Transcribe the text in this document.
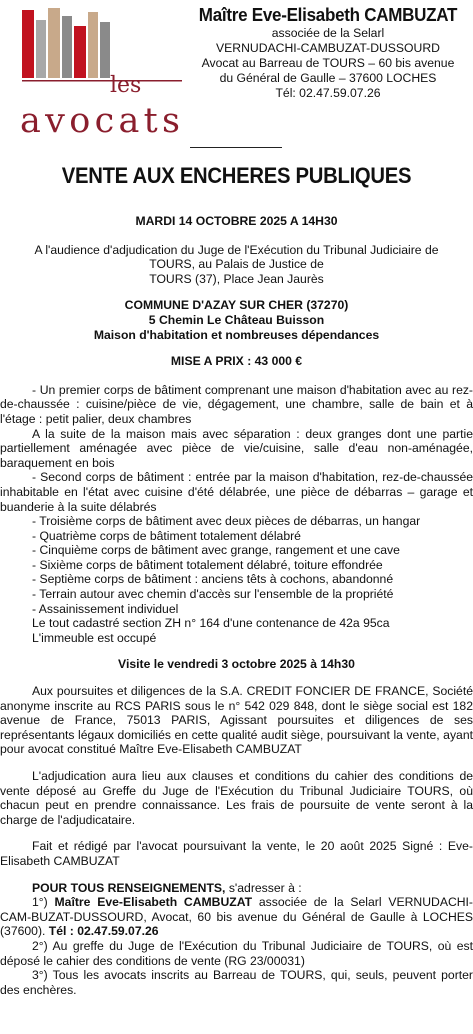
les
avocats
Maître Eve-Elisabeth CAMBUZAT
associée de la Selarl
VERNUDACHI-CAMBUZAT-DUSSOURD
Avocat au Barreau de TOURS – 60 bis avenue
du Général de Gaulle – 37600 LOCHES
Tél: 02.47.59.07.26
VENTE AUX ENCHERES PUBLIQUES
MARDI 14 OCTOBRE 2025 A 14H30
A l'audience d'adjudication du Juge de l'Exécution du Tribunal Judiciaire de
TOURS, au Palais de Justice de
TOURS (37), Place Jean Jaurès
COMMUNE D'AZAY SUR CHER (37270)
5 Chemin Le Château Buisson
Maison d'habitation et nombreuses dépendances
MISE A PRIX : 43 000 €

- Un premier corps de bâtiment comprenant une maison d'habitation avec au rez-de-chaussée : cuisine/pièce de vie, dégagement, une chambre, salle de bain et à l'étage : petit palier, deux chambres

A la suite de la maison mais avec séparation : deux granges dont une partie partiellement aménagée avec pièce de vie/cuisine, salle d'eau non-aménagée, baraquement en bois

- Second corps de bâtiment : entrée par la maison d'habitation, rez-de-chaussée inhabitable en l'état avec cuisine d'été délabrée, une pièce de débarras – garage et buanderie à la suite délabrés

- Troisième corps de bâtiment avec deux pièces de débarras, un hangar
- Quatrième corps de bâtiment totalement délabré
- Cinquième corps de bâtiment avec grange, rangement et une cave
- Sixième corps de bâtiment totalement délabré, toiture effondrée
- Septième corps de bâtiment : anciens têts à cochons, abandonné
- Terrain autour avec chemin d'accès sur l'ensemble de la propriété
- Assainissement individuel
Le tout cadastré section ZH n° 164 d'une contenance de 42a 95ca
L'immeuble est occupé
Visite le vendredi 3 octobre 2025 à 14h30

Aux poursuites et diligences de la S.A. CREDIT FONCIER DE FRANCE, Société anonyme inscrite au RCS PARIS sous le n° 542 029 848, dont le siège social est 182 avenue de France, 75013 PARIS, Agissant poursuites et diligences de ses représentants légaux domiciliés en cette qualité audit siège, poursuivant la vente, ayant pour avocat constitué Maître Eve-Elisabeth CAMBUZAT

L'adjudication aura lieu aux clauses et conditions du cahier des conditions de vente déposé au Greffe du Juge de l'Exécution du Tribunal Judiciaire TOURS, où chacun peut en prendre connaissance. Les frais de poursuite de vente seront à la charge de l'adjudicataire.

Fait et rédigé par l'avocat poursuivant la vente, le 20 août 2025 Signé : Eve-Elisabeth CAMBUZAT

POUR TOUS RENSEIGNEMENTS, s'adresser à :

1°) Maître Eve-Elisabeth CAMBUZAT associée de la Selarl VERNUDACHI-CAM-BUZAT-DUSSOURD, Avocat, 60 bis avenue du Général de Gaulle à LOCHES (37600). Tél : 02.47.59.07.26

2°) Au greffe du Juge de l'Exécution du Tribunal Judiciaire de TOURS, où est déposé le cahier des conditions de vente (RG 23/00031)

3°) Tous les avocats inscrits au Barreau de TOURS, qui, seuls, peuvent porter des enchères.
